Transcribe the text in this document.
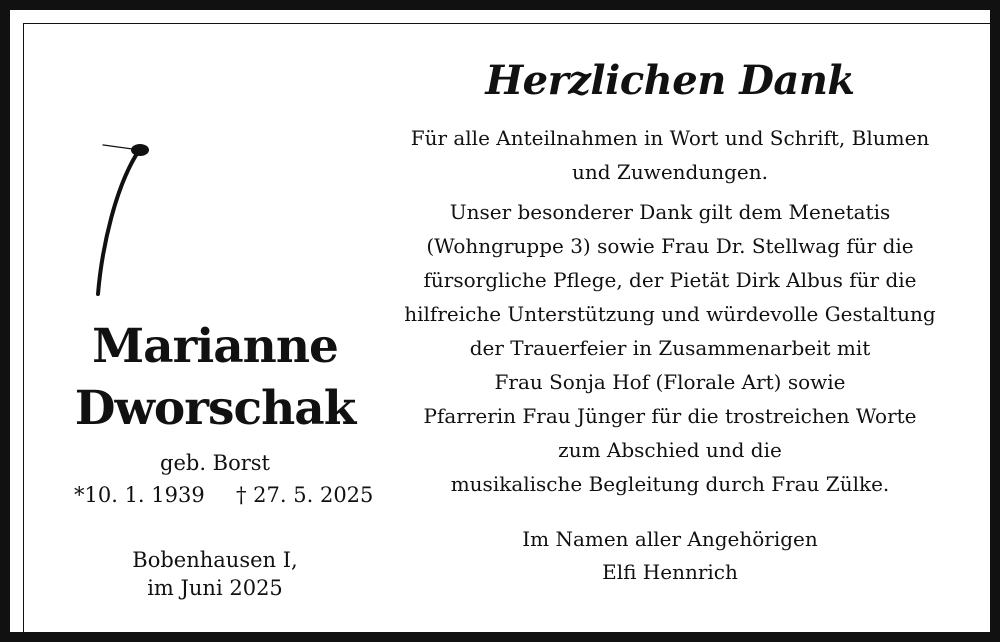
Marianne
Dworschak
geb. Borst
*10. 1. 1939 † 27. 5. 2025
Bobenhausen I,
im Juni 2025
Herzlichen Dank

Für alle Anteilnahmen in Wort und Schrift, Blumen
und Zuwendungen.

Unser besonderer Dank gilt dem Menetatis
(Wohngruppe 3) sowie Frau Dr. Stellwag für die
fürsorgliche Pflege, der Pietät Dirk Albus für die
hilfreiche Unterstützung und würdevolle Gestaltung
der Trauerfeier in Zusammenarbeit mit
Frau Sonja Hof (Florale Art) sowie
Pfarrerin Frau Jünger für die trostreichen Worte
zum Abschied und die
musikalische Begleitung durch Frau Zülke.

Im Namen aller Angehörigen
Elfi Hennrich
